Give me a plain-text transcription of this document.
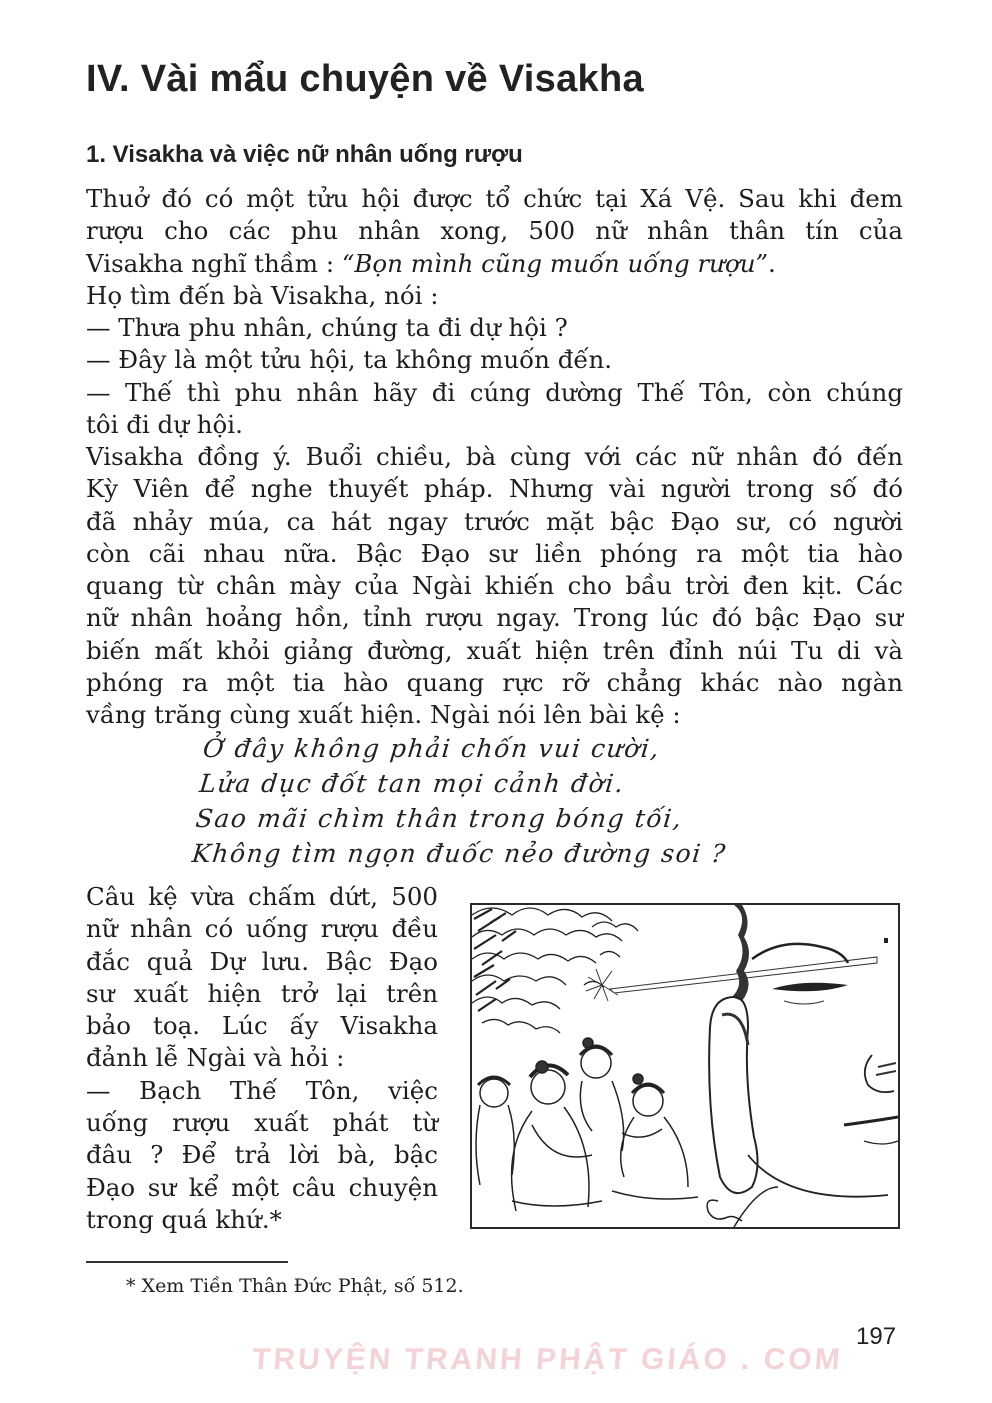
IV. Vài mẩu chuyện về Visakha
1. Visakha và việc nữ nhân uống rượu
Thuở đó có một tửu hội được tổ chức tại Xá Vệ. Sau khi đem
rượu cho các phu nhân xong, 500 nữ nhân thân tín của
Visakha nghĩ thầm : “Bọn mình cũng muốn uống rượu”.
Họ tìm đến bà Visakha, nói :
— Thưa phu nhân, chúng ta đi dự hội ?
— Đây là một tửu hội, ta không muốn đến.
— Thế thì phu nhân hãy đi cúng dường Thế Tôn, còn chúng
tôi đi dự hội.
Visakha đồng ý. Buổi chiều, bà cùng với các nữ nhân đó đến
Kỳ Viên để nghe thuyết pháp. Nhưng vài người trong số đó
đã nhảy múa, ca hát ngay trước mặt bậc Đạo sư, có người
còn cãi nhau nữa. Bậc Đạo sư liền phóng ra một tia hào
quang từ chân mày của Ngài khiến cho bầu trời đen kịt. Các
nữ nhân hoảng hồn, tỉnh rượu ngay. Trong lúc đó bậc Đạo sư
biến mất khỏi giảng đường, xuất hiện trên đỉnh núi Tu di và
phóng ra một tia hào quang rực rỡ chẳng khác nào ngàn
vầng trăng cùng xuất hiện. Ngài nói lên bài kệ :
Ở đây không phải chốn vui cười,
Lửa dục đốt tan mọi cảnh đời.
Sao mãi chìm thân trong bóng tối,
Không tìm ngọn đuốc nẻo đường soi ?
Câu kệ vừa chấm dứt, 500
nữ nhân có uống rượu đều
đắc quả Dự lưu. Bậc Đạo
sư xuất hiện trở lại trên
bảo toạ. Lúc ấy Visakha
đảnh lễ Ngài và hỏi :
— Bạch Thế Tôn, việc
uống rượu xuất phát từ
đâu ? Để trả lời bà, bậc
Đạo sư kể một câu chuyện
trong quá khứ.*

* Xem Tiền Thân Đức Phật, số 512.

197
TRUYỆN TRANH PHẬT GIÁO . COM
